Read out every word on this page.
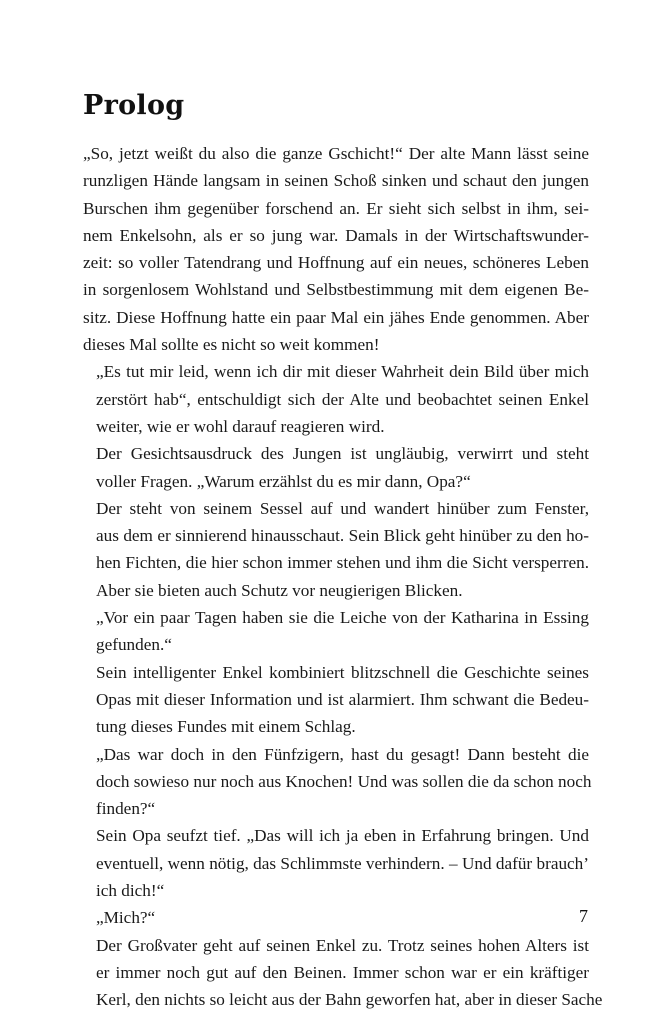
Prolog

„So, jetzt weißt du also die ganze Gschicht!“ Der alte Mann lässt seine
runzligen Hände langsam in seinen Schoß sinken und schaut den jungen
Burschen ihm gegenüber forschend an. Er sieht sich selbst in ihm, sei-
nem Enkelsohn, als er so jung war. Damals in der Wirtschaftswunder-
zeit: so voller Tatendrang und Hoffnung auf ein neues, schöneres Leben
in sorgenlosem Wohlstand und Selbstbestimmung mit dem eigenen Be-
sitz. Diese Hoffnung hatte ein paar Mal ein jähes Ende genommen. Aber
dieses Mal sollte es nicht so weit kommen!

„Es tut mir leid, wenn ich dir mit dieser Wahrheit dein Bild über mich
zerstört hab“, entschuldigt sich der Alte und beobachtet seinen Enkel
weiter, wie er wohl darauf reagieren wird.

Der Gesichtsausdruck des Jungen ist ungläubig, verwirrt und steht
voller Fragen. „Warum erzählst du es mir dann, Opa?“

Der steht von seinem Sessel auf und wandert hinüber zum Fenster,
aus dem er sinnierend hinausschaut. Sein Blick geht hinüber zu den ho-
hen Fichten, die hier schon immer stehen und ihm die Sicht versperren.
Aber sie bieten auch Schutz vor neugierigen Blicken.

„Vor ein paar Tagen haben sie die Leiche von der Katharina in Essing
gefunden.“

Sein intelligenter Enkel kombiniert blitzschnell die Geschichte seines
Opas mit dieser Information und ist alarmiert. Ihm schwant die Bedeu-
tung dieses Fundes mit einem Schlag.

„Das war doch in den Fünfzigern, hast du gesagt! Dann besteht die
doch sowieso nur noch aus Knochen! Und was sollen die da schon noch
finden?“

Sein Opa seufzt tief. „Das will ich ja eben in Erfahrung bringen. Und
eventuell, wenn nötig, das Schlimmste verhindern. – Und dafür brauch’
ich dich!“

„Mich?“

Der Großvater geht auf seinen Enkel zu. Trotz seines hohen Alters ist
er immer noch gut auf den Beinen. Immer schon war er ein kräftiger
Kerl, den nichts so leicht aus der Bahn geworfen hat, aber in dieser Sache

7
